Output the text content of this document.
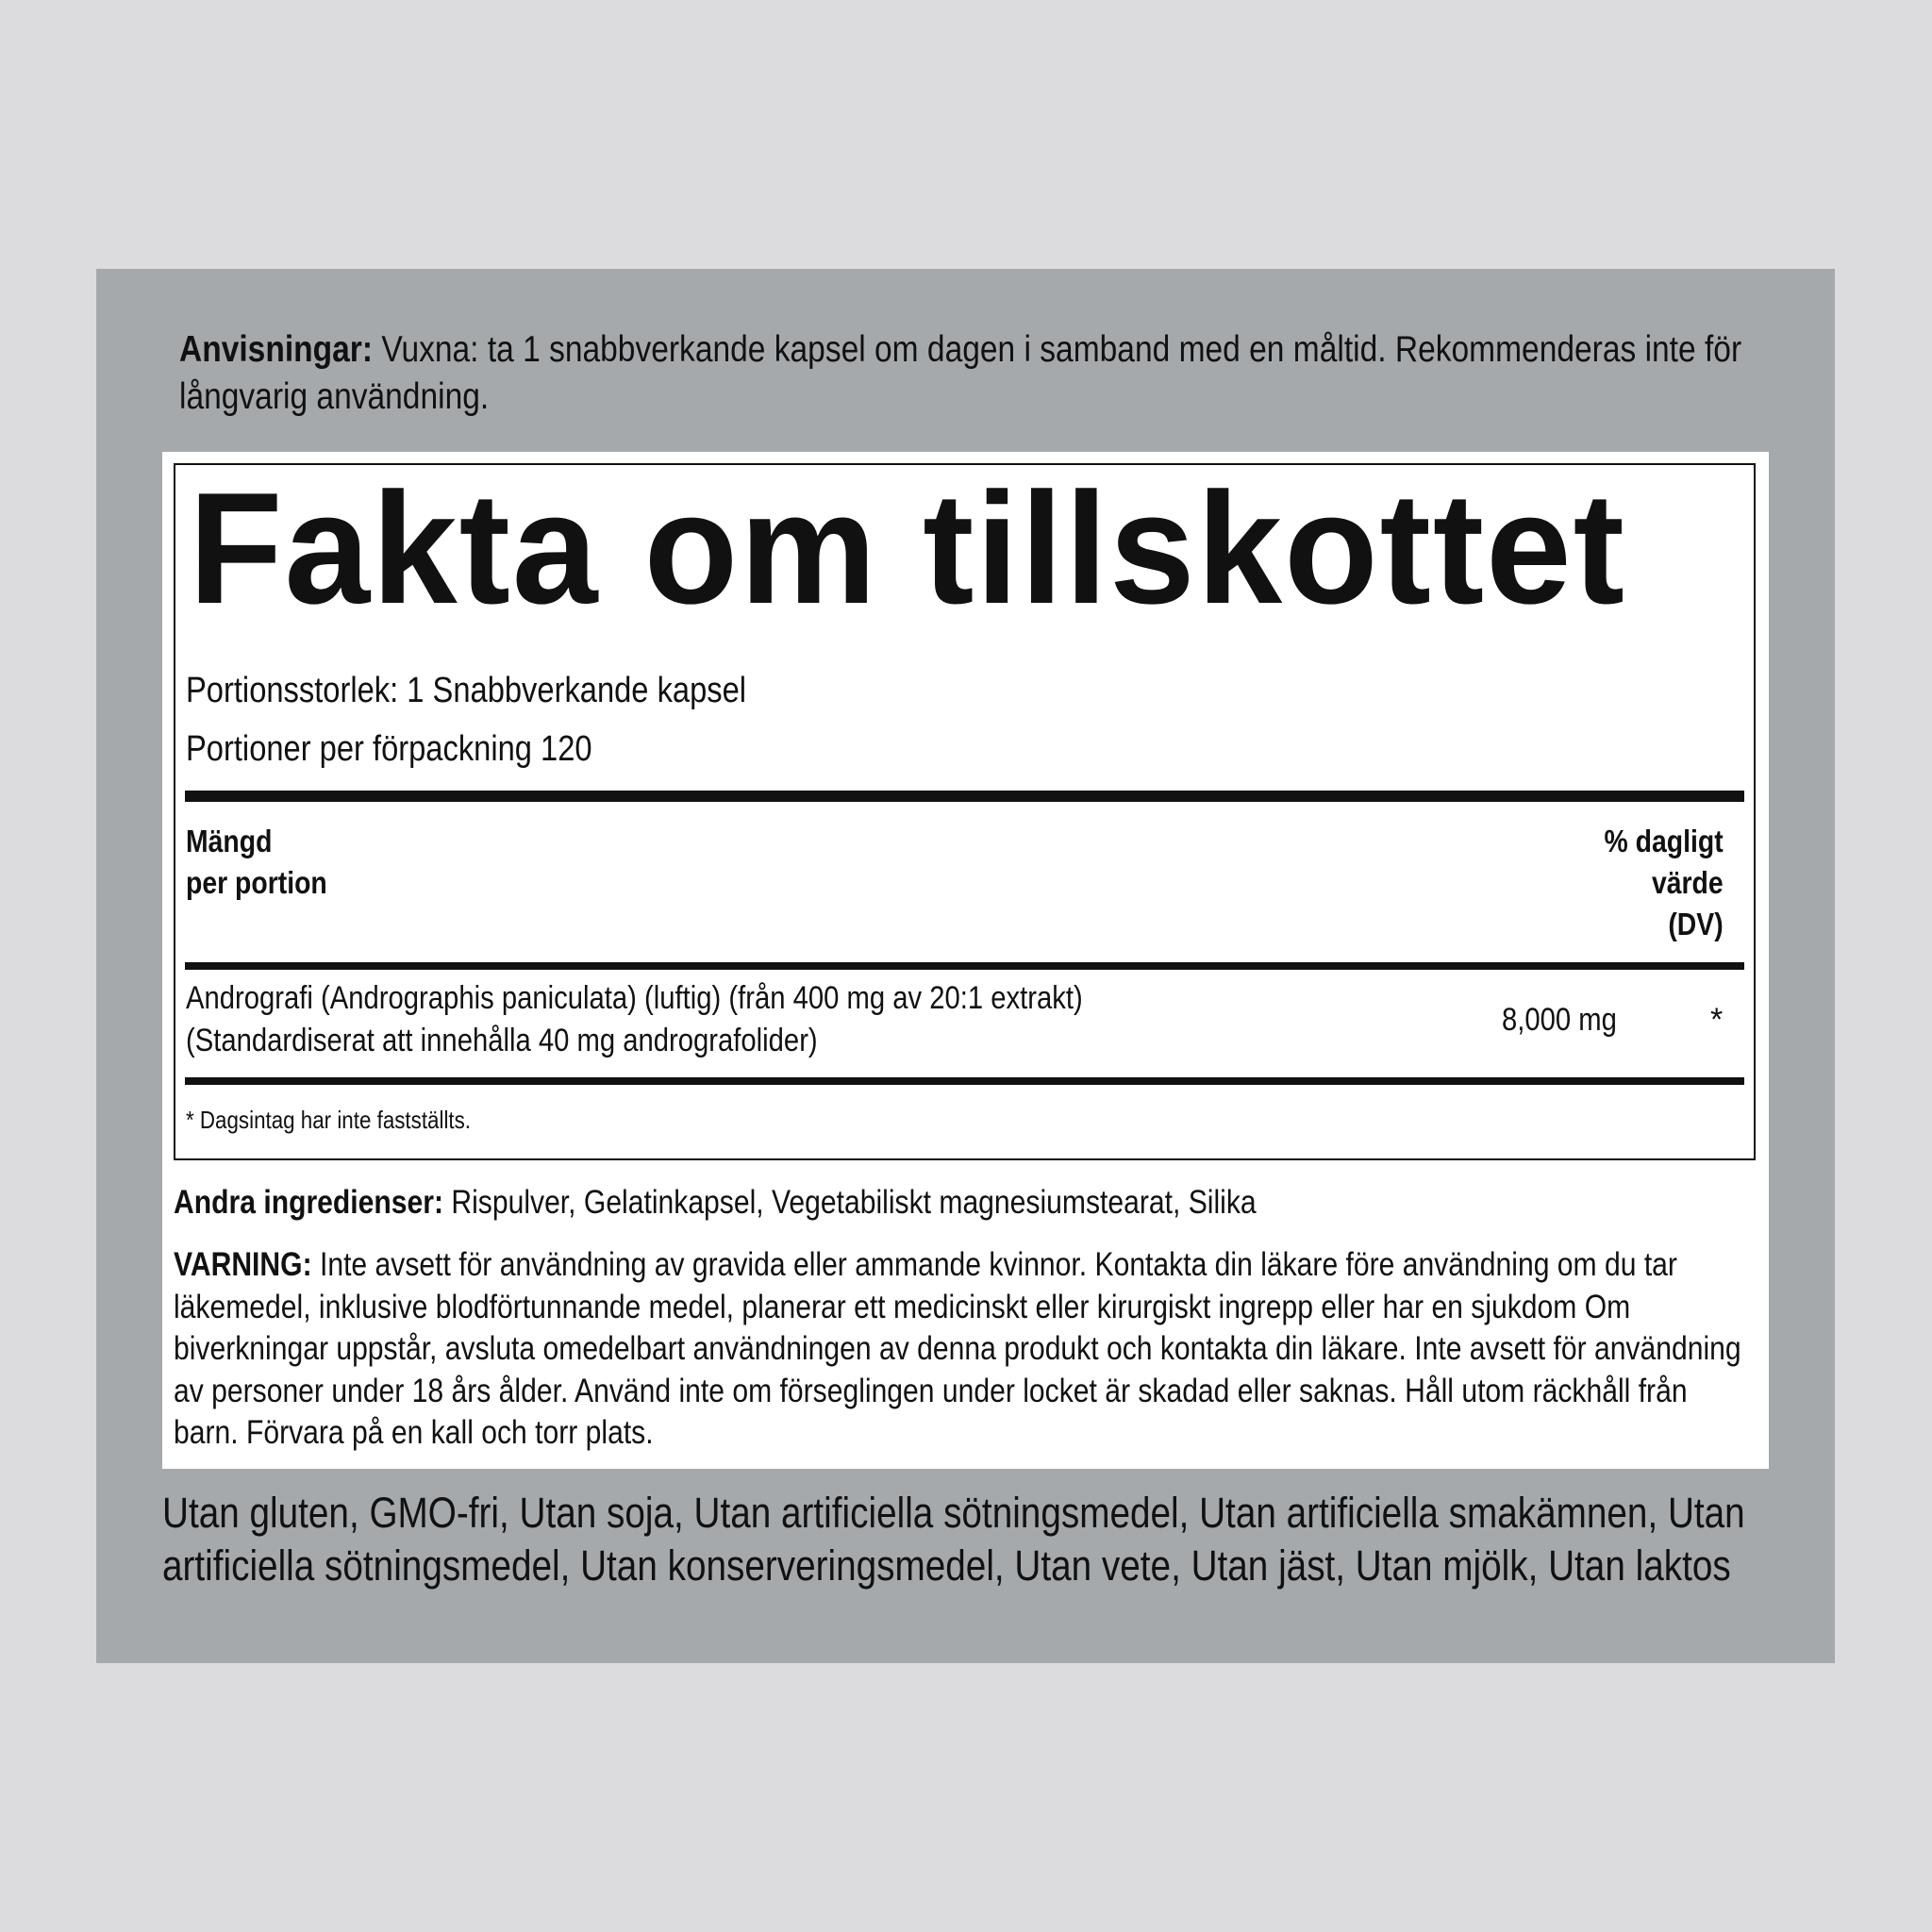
Anvisningar: Vuxna: ta 1 snabbverkande kapsel om dagen i samband med en måltid. Rekommenderas inte för långvarig användning.
Fakta om tillskottet
Portionsstorlek: 1 Snabbverkande kapsel
Portioner per förpackning 120
Mängd
per portion
% dagligt
värde
(DV)
Andrografi (Andrographis paniculata) (luftig) (från 400 mg av 20:1 extrakt)
(Standardiserat att innehålla 40 mg andrografolider)
8,000 mg	*
* Dagsintag har inte fastställts.
Andra ingredienser: Rispulver, Gelatinkapsel, Vegetabiliskt magnesiumstearat, Silika
VARNING: Inte avsett för användning av gravida eller ammande kvinnor. Kontakta din läkare före användning om du tar läkemedel, inklusive blodförtunnande medel, planerar ett medicinskt eller kirurgiskt ingrepp eller har en sjukdom Om biverkningar uppstår, avsluta omedelbart användningen av denna produkt och kontakta din läkare. Inte avsett för användning av personer under 18 års ålder. Använd inte om förseglingen under locket är skadad eller saknas. Håll utom räckhåll från barn. Förvara på en kall och torr plats.
Utan gluten, GMO-fri, Utan soja, Utan artificiella sötningsmedel, Utan artificiella smakämnen, Utan artificiella sötningsmedel, Utan konserveringsmedel, Utan vete, Utan jäst, Utan mjölk, Utan laktos
